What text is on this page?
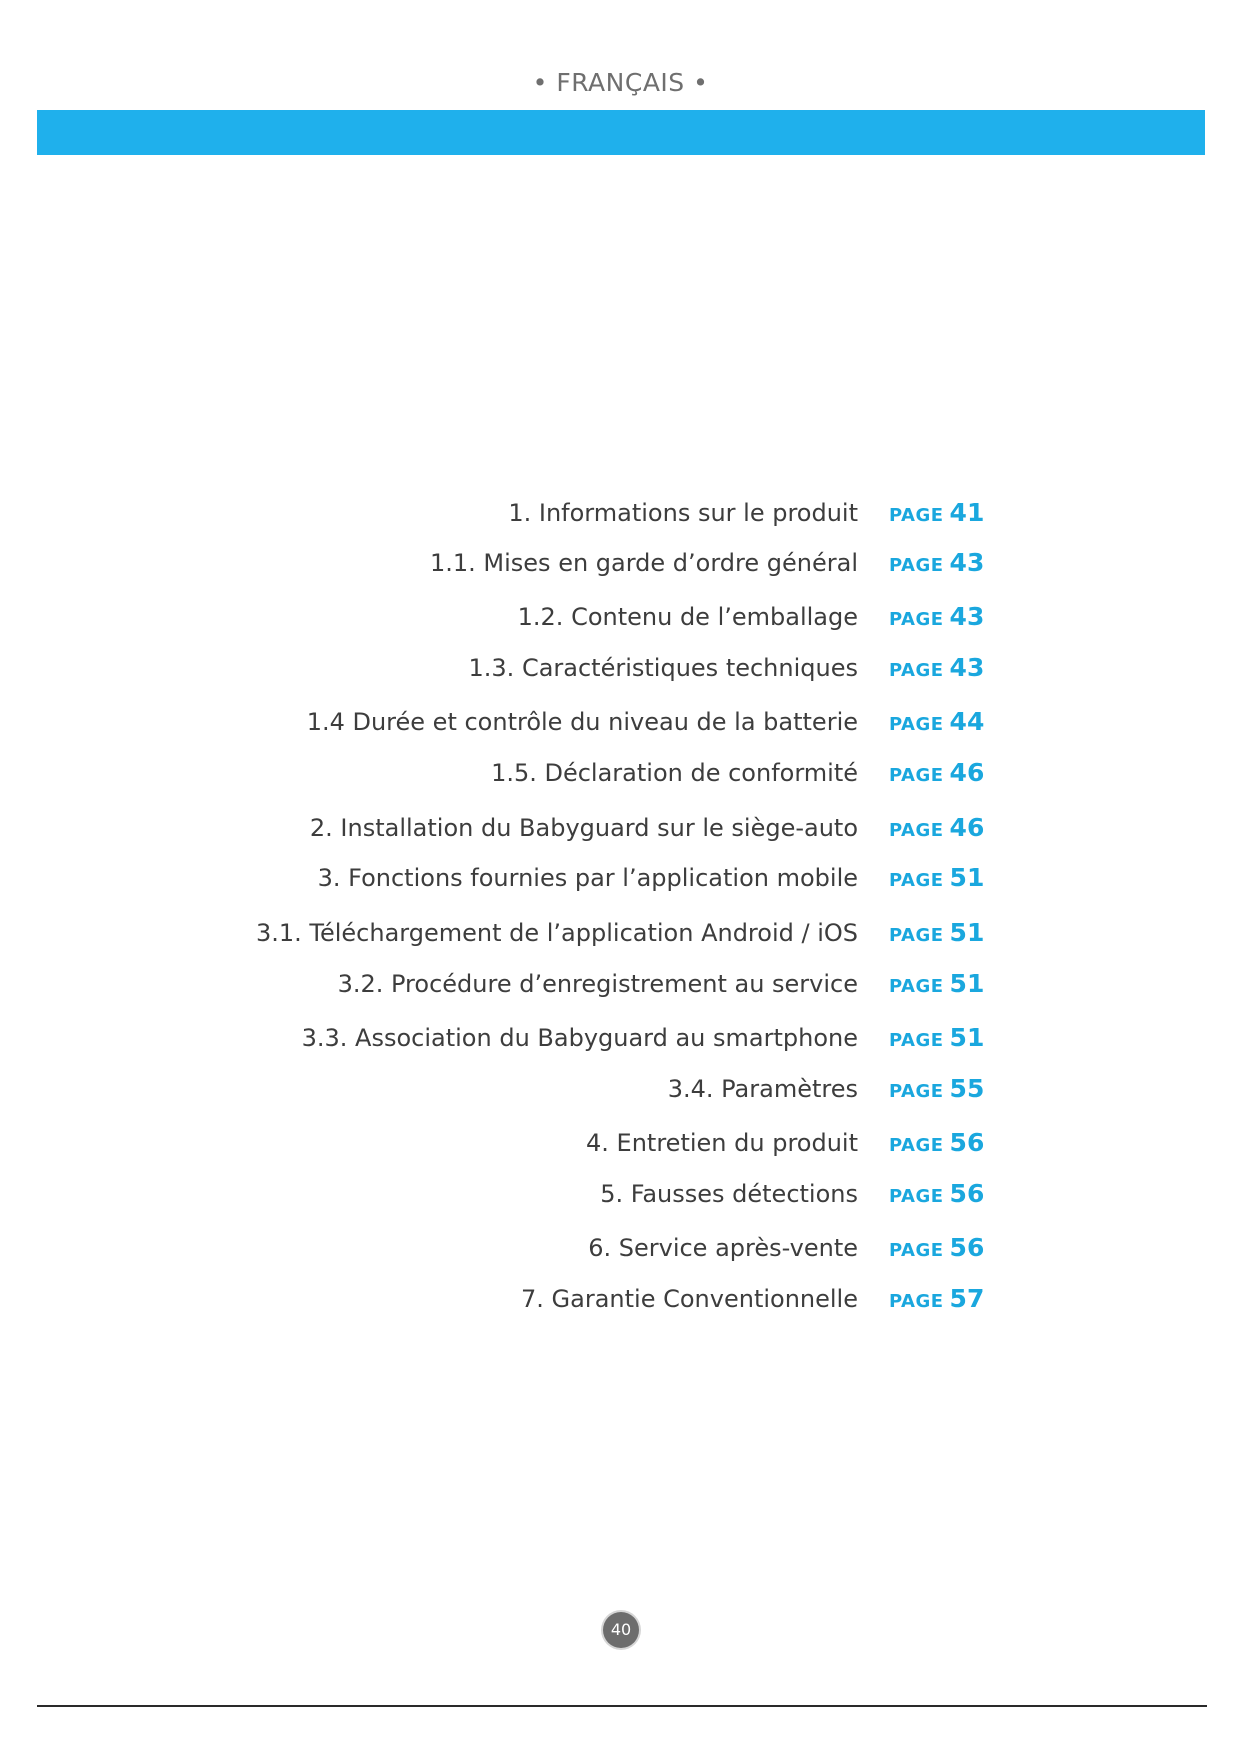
• FRANÇAIS •
1. Informations sur le produit PAGE 41
1.1. Mises en garde d’ordre général PAGE 43
1.2. Contenu de l’emballage PAGE 43
1.3. Caractéristiques techniques PAGE 43
1.4 Durée et contrôle du niveau de la batterie PAGE 44
1.5. Déclaration de conformité PAGE 46
2. Installation du Babyguard sur le siège-auto PAGE 46
3. Fonctions fournies par l’application mobile PAGE 51
3.1. Téléchargement de l’application Android / iOS PAGE 51
3.2. Procédure d’enregistrement au service PAGE 51
3.3. Association du Babyguard au smartphone PAGE 51
3.4. Paramètres PAGE 55
4. Entretien du produit PAGE 56
5. Fausses détections PAGE 56
6. Service après-vente PAGE 56
7. Garantie Conventionnelle PAGE 57
40
